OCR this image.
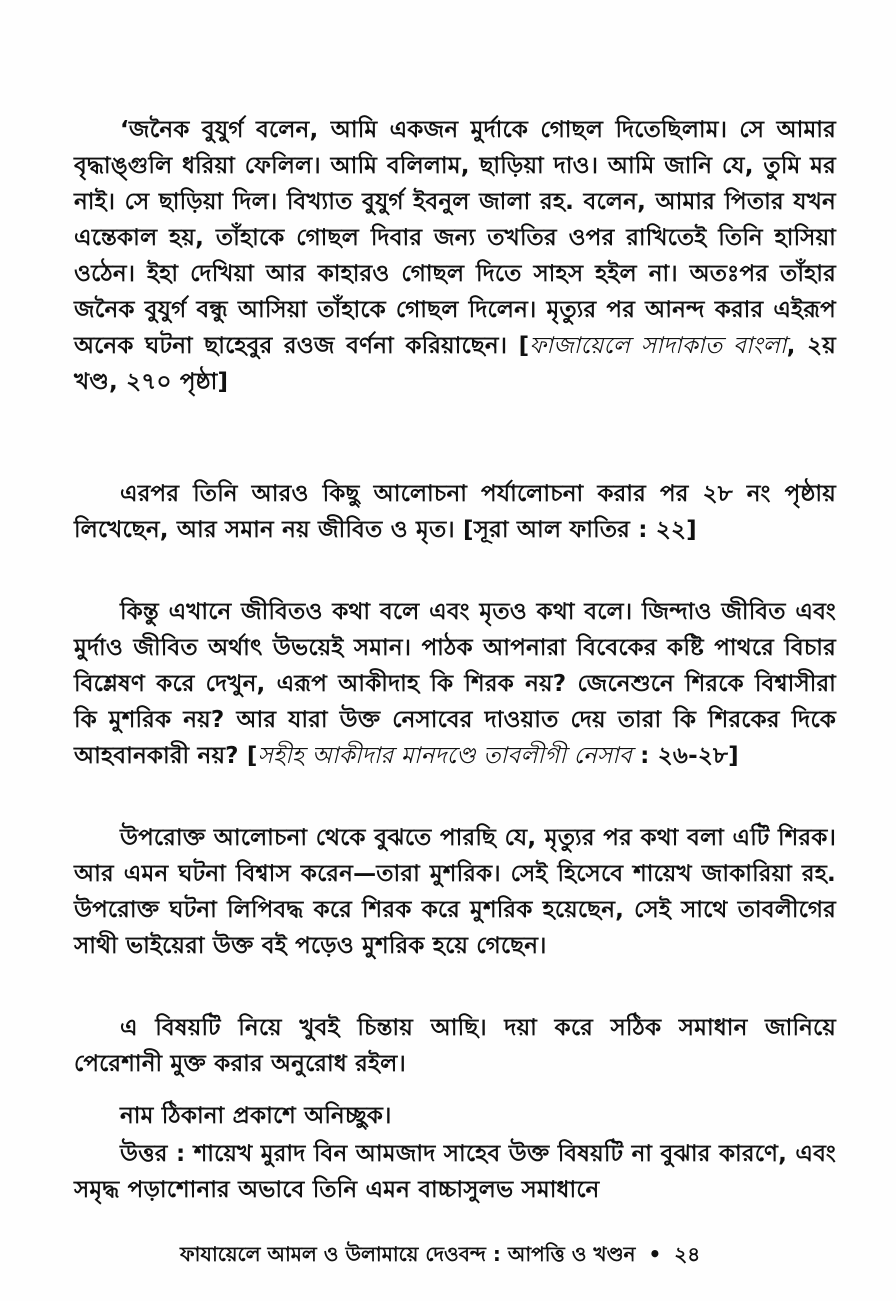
‘জনৈক বুযুর্গ বলেন, আমি একজন মুর্দাকে গোছল দিতেছিলাম। সে আমার বৃদ্ধাঙ্গুলি ধরিয়া ফেলিল। আমি বলিলাম, ছাড়িয়া দাও। আমি জানি যে, তুমি মর নাই। সে ছাড়িয়া দিল। বিখ্যাত বুযুর্গ ইবনুল জালা রহ. বলেন, আমার পিতার যখন এন্তেকাল হয়, তাঁহাকে গোছল দিবার জন্য তখতির ওপর রাখিতেই তিনি হাসিয়া ওঠেন। ইহা দেখিয়া আর কাহারও গোছল দিতে সাহস হইল না। অতঃপর তাঁহার জনৈক বুযুর্গ বন্ধু আসিয়া তাঁহাকে গোছল দিলেন। মৃত্যুর পর আনন্দ করার এইরূপ অনেক ঘটনা ছাহেবুর রওজ বর্ণনা করিয়াছেন। [ফাজায়েলে সাদাকাত বাংলা, ২য় খণ্ড, ২৭০ পৃষ্ঠা]

এরপর তিনি আরও কিছু আলোচনা পর্যালোচনা করার পর ২৮ নং পৃষ্ঠায় লিখেছেন, আর সমান নয় জীবিত ও মৃত। [সূরা আল ফাতির : ২২]

কিন্তু এখানে জীবিতও কথা বলে এবং মৃতও কথা বলে। জিন্দাও জীবিত এবং মুর্দাও জীবিত অর্থাৎ উভয়েই সমান। পাঠক আপনারা বিবেকের কষ্টি পাথরে বিচার বিশ্লেষণ করে দেখুন, এরূপ আকীদাহ কি শিরক নয়? জেনেশুনে শিরকে বিশ্বাসীরা কি মুশরিক নয়? আর যারা উক্ত নেসাবের দাওয়াত দেয় তারা কি শিরকের দিকে আহবানকারী নয়? [সহীহ আকীদার মানদণ্ডে তাবলীগী নেসাব : ২৬-২৮]

উপরোক্ত আলোচনা থেকে বুঝতে পারছি যে, মৃত্যুর পর কথা বলা এটি শিরক। আর এমন ঘটনা বিশ্বাস করেন—তারা মুশরিক। সেই হিসেবে শায়েখ জাকারিয়া রহ. উপরোক্ত ঘটনা লিপিবদ্ধ করে শিরক করে মুশরিক হয়েছেন, সেই সাথে তাবলীগের সাথী ভাইয়েরা উক্ত বই পড়েও মুশরিক হয়ে গেছেন।

এ বিষয়টি নিয়ে খুবই চিন্তায় আছি। দয়া করে সঠিক সমাধান জানিয়ে পেরেশানী মুক্ত করার অনুরোধ রইল।

নাম ঠিকানা প্রকাশে অনিচ্ছুক।

উত্তর : শায়েখ মুরাদ বিন আমজাদ সাহেব উক্ত বিষয়টি না বুঝার কারণে, এবং সমৃদ্ধ পড়াশোনার অভাবে তিনি এমন বাচ্চাসুলভ সমাধানে

ফাযায়েলে আমল ও উলামায়ে দেওবন্দ : আপত্তি ও খণ্ডন • ২৪
